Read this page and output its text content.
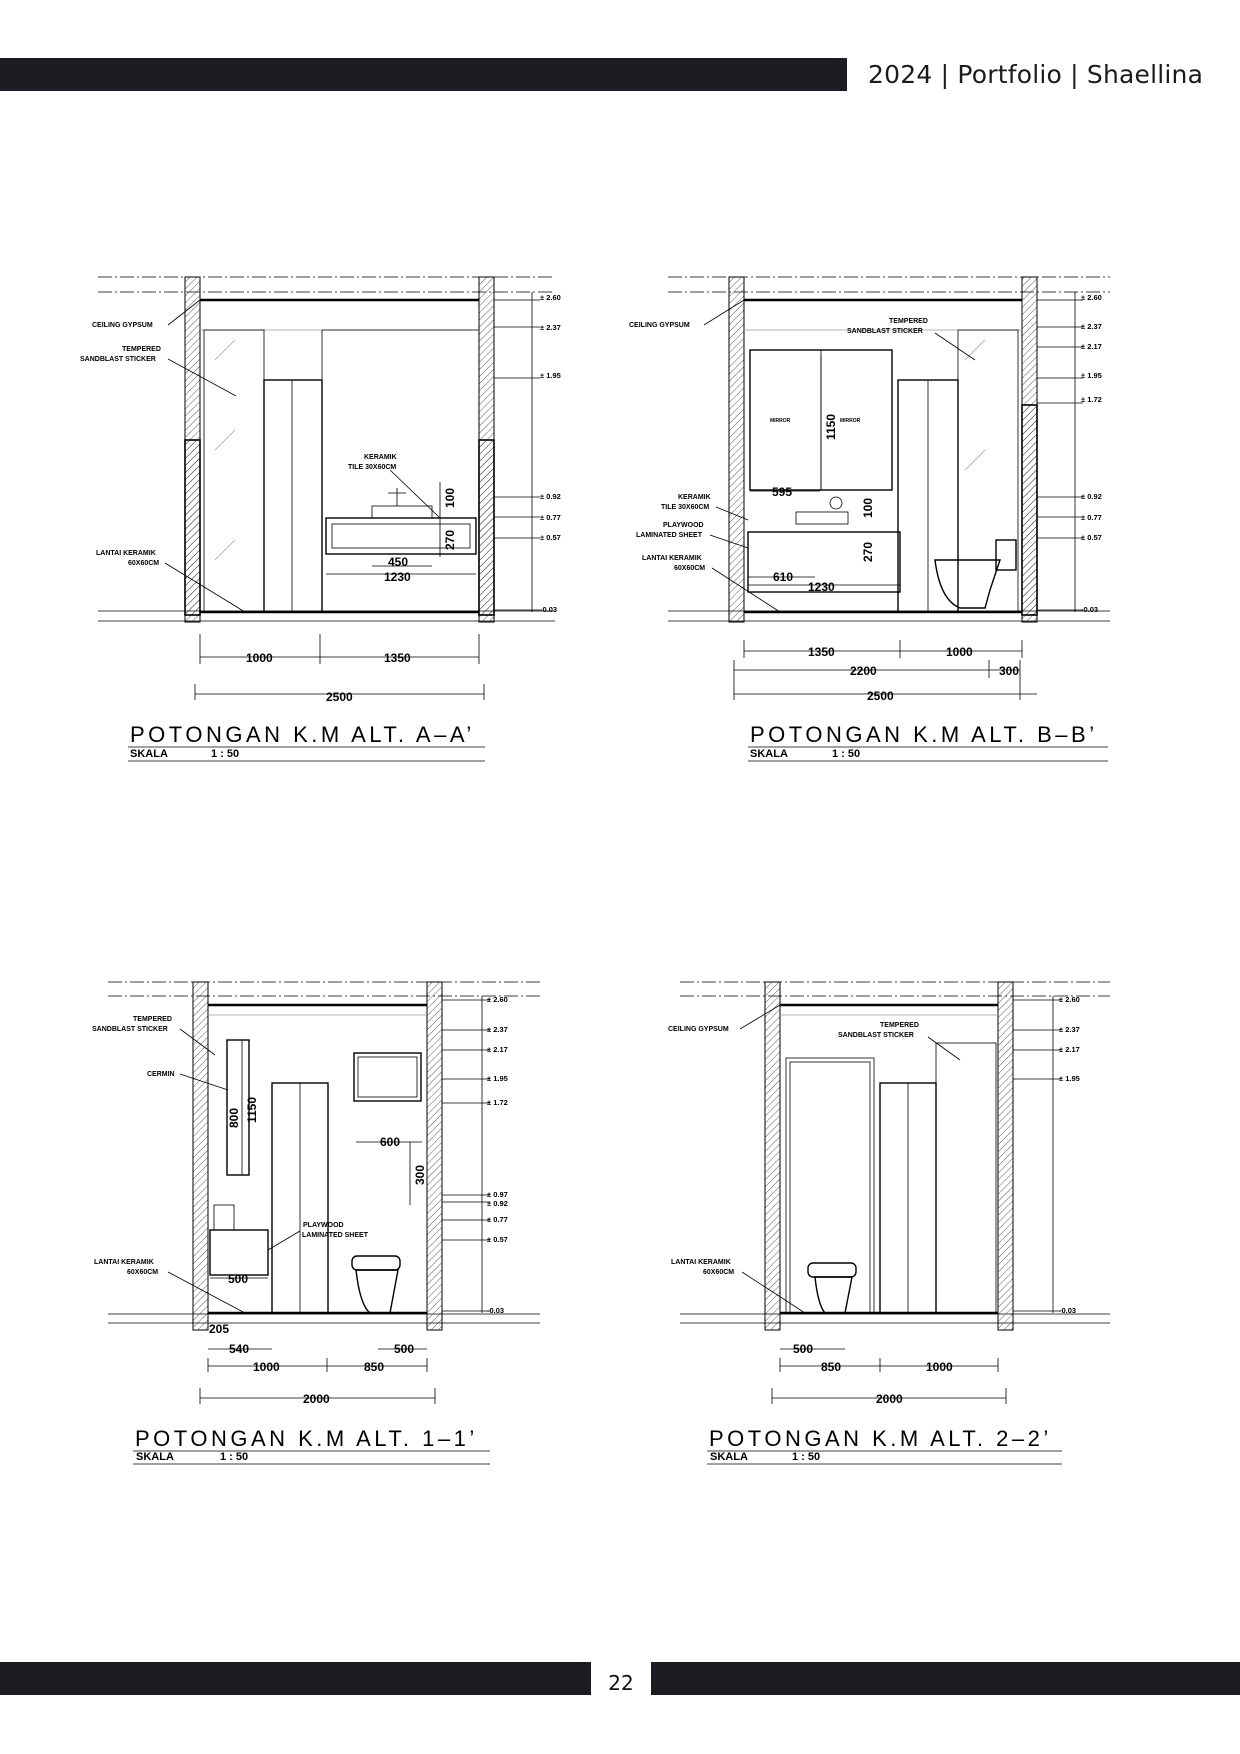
2024 | Portfolio | Shaellina
± 2.60
± 2.37
± 1.95
± 0.92
± 0.77
± 0.57
-0.03
CEILING GYPSUM
TEMPERED
SANDBLAST STICKER
KERAMIK
TILE 30X60CM
LANTAI KERAMIK
60X60CM
100
270
450
1230
1000	1350
2500
POTONGAN K.M ALT. A–A’
SKALA	1 : 50
MIRROR	MIRROR
± 2.60
± 2.37
± 2.17
± 1.95
± 1.72
± 0.92
± 0.77
± 0.57
-0.03
CEILING GYPSUM
TEMPERED
SANDBLAST STICKER
KERAMIK
TILE 30X60CM
PLAYWOOD
LAMINATED SHEET
LANTAI KERAMIK
60X60CM
1150
595
100
270
610
1230
1350	1000
2200	300
2500
POTONGAN K.M ALT. B–B’
SKALA	1 : 50
± 2.60
± 2.37
± 2.17
± 1.95
± 1.72
± 0.97
± 0.92
± 0.77
± 0.57
-0.03
TEMPERED
SANDBLAST STICKER
CERMIN
PLAYWOOD
LAMINATED SHEET
LANTAI KERAMIK
60X60CM
800 1150
600
300
500
205
540	500
1000	850
2000
POTONGAN K.M ALT. 1–1’
SKALA	1 : 50
± 2.60
± 2.37
± 2.17
± 1.95
-0.03
CEILING GYPSUM
TEMPERED
SANDBLAST STICKER
LANTAI KERAMIK
60X60CM
500
850	1000
2000
POTONGAN K.M ALT. 2–2’
SKALA	1 : 50
22
